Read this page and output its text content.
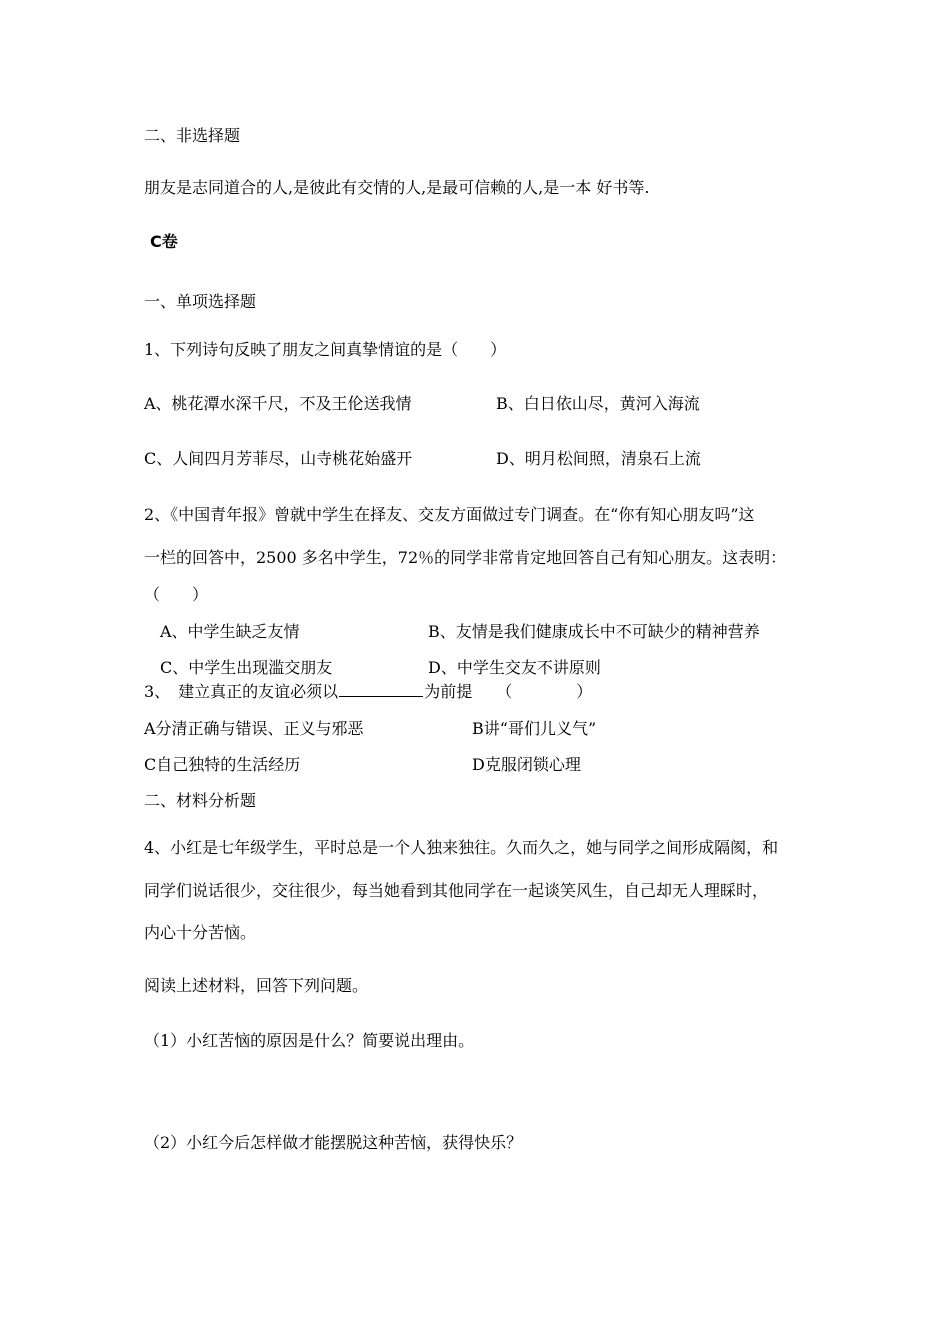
二、非选择题
朋友是志同道合的人,是彼此有交情的人,是最可信赖的人,是一本 好书等.
C卷
一、单项选择题
1、下列诗句反映了朋友之间真挚情谊的是（　　）
A、桃花潭水深千尺，不及王伦送我情	B、白日依山尽，黄河入海流
C、人间四月芳菲尽，山寺桃花始盛开	D、明月松间照，清泉石上流
2、《中国青年报》曾就中学生在择友、交友方面做过专门调查。在“你有知心朋友吗”这
一栏的回答中，2500 多名中学生，72％的同学非常肯定地回答自己有知心朋友。这表明：
（　　）
A、中学生缺乏友情	B、友情是我们健康成长中不可缺少的精神营养
C、中学生出现滥交朋友	D、中学生交友不讲原则
3、　建立真正的友谊必须以	为前提　　（　　　　）
A分清正确与错误、正义与邪恶	B讲“哥们儿义气”
C自己独特的生活经历	D克服闭锁心理
二、材料分析题
4、小红是七年级学生，平时总是一个人独来独往。久而久之，她与同学之间形成隔阂，和
同学们说话很少，交往很少，每当她看到其他同学在一起谈笑风生，自己却无人理睬时，
内心十分苦恼。
阅读上述材料，回答下列问题。
（1）小红苦恼的原因是什么？简要说出理由。
（2）小红今后怎样做才能摆脱这种苦恼，获得快乐？
